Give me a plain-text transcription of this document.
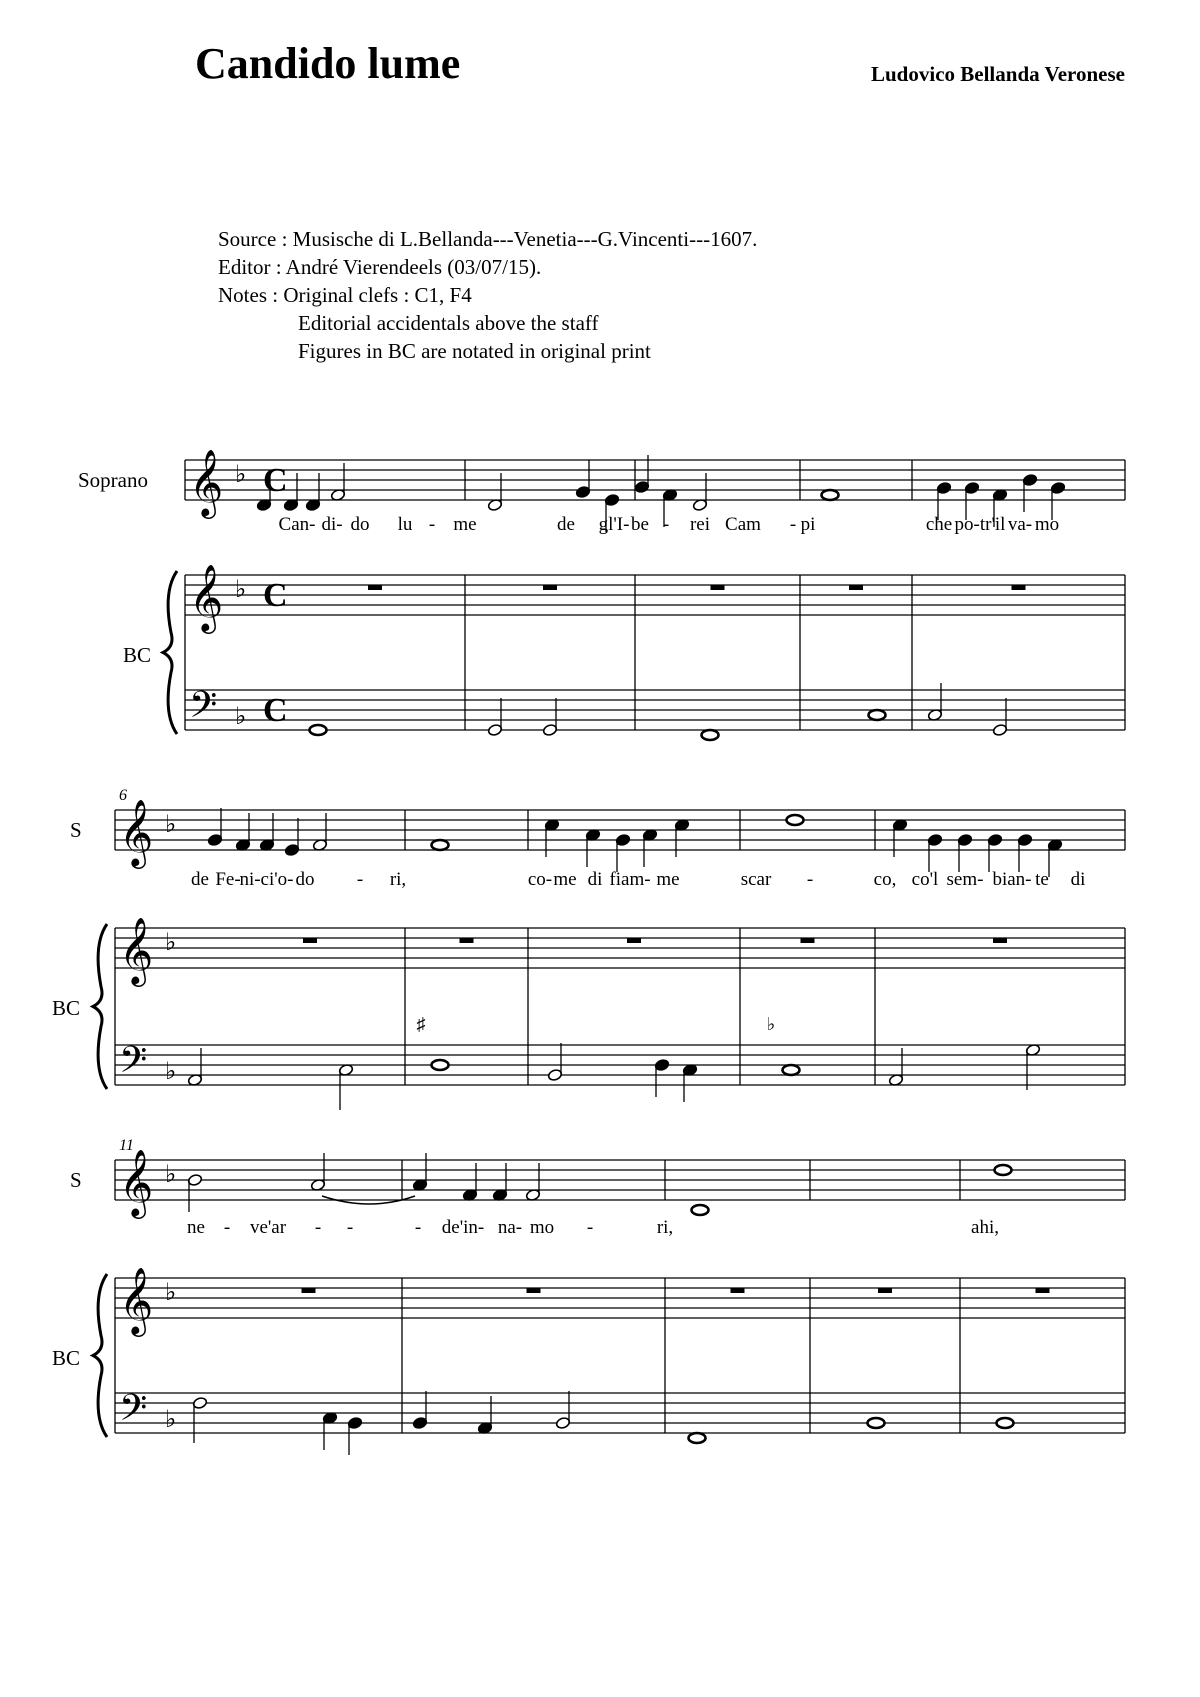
Candido lume	Ludovico Bellanda Veronese
Source : Musische di L.Bellanda---Venetia---G.Vincenti---1607.
Editor : André Vierendeels (03/07/15).
Notes : Original clefs : C1, F4
Editorial accidentals above the staff
Figures in BC are notated in original print
𝄞
𝄞
𝄢
♭
♭
♭
C
C
C
Soprano
BC
Can- di- do lu - me	de gl'I- be - rei Cam - pi	che po-tr'il va- mo
𝄞
𝄞
𝄢
♭
♭
♭
S
BC
6
de Fe-
ni- ci'o- do - ri,	co- me di fiam- me	scar -	co, co'l sem- bian- te di
♯	♭
𝄞
𝄞
𝄢
♭
♭
♭
S
BC
11
ne - ve'ar - -	- de'in- na- mo -	ri,	ahi,
